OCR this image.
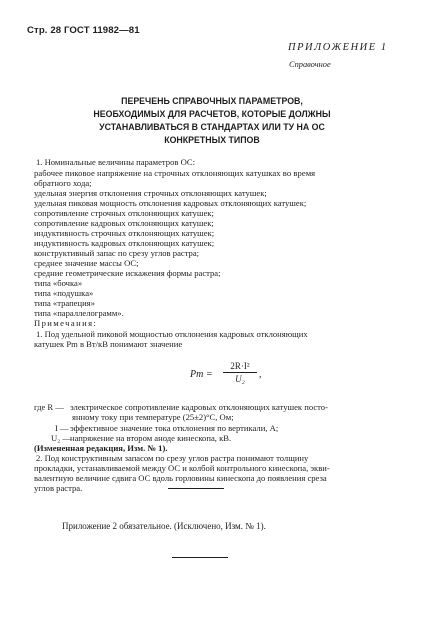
Стр. 28 ГОСТ 11982—81
ПРИЛОЖЕНИЕ 1
Справочное
ПЕРЕЧЕНЬ СПРАВОЧНЫХ ПАРАМЕТРОВ,
НЕОБХОДИМЫХ ДЛЯ РАСЧЕТОВ, КОТОРЫЕ ДОЛЖНЫ
УСТАНАВЛИВАТЬСЯ В СТАНДАРТАХ ИЛИ ТУ НА ОС
КОНКРЕТНЫХ ТИПОВ
1. Номинальные величины параметров ОС:
рабочее пиковое напряжение на строчных отклоняющих катушках во время
обратного хода;
удельная энергия отклонения строчных отклоняющих катушек;
удельная пиковая мощность отклонения кадровых отклоняющих катушек;
сопротивление строчных отклоняющих катушек;
сопротивление кадровых отклоняющих катушек;
индуктивность строчных отклоняющих катушек;
индуктивность кадровых отклоняющих катушек;
конструктивный запас по срезу углов растра;
среднее значение массы ОС;
средние геометрические искажения формы растра;
типа «бочка»
типа «подушка»
типа «трапеция»
типа «параллелограмм».
Примечания:
1. Под удельной пиковой мощностью отклонения кадровых отклоняющих
катушек Pm в Вт/кВ понимают значение
$Pm = \frac{\text{2R·I²}}{\text{U₂}}$ ,
где R — электрическое сопротивление кадровых отклоняющих катушек посто-
янному току при температуре (25±2)°C, Ом;
I — эффективное значение тока отклонения по вертикали, А;
U₂ — напряжение на втором аноде кинескопа, кВ.
(Измененная редакция, Изм. № 1).
2. Под конструктивным запасом по срезу углов растра понимают толщину
прокладки, устанавливаемой между ОС и колбой контрольного кинескопа, экви-
валентную величине сдвига ОС вдоль горловины кинескопа до появления среза
углов растра.
Приложение 2 обязательное. (Исключено, Изм. № 1).
